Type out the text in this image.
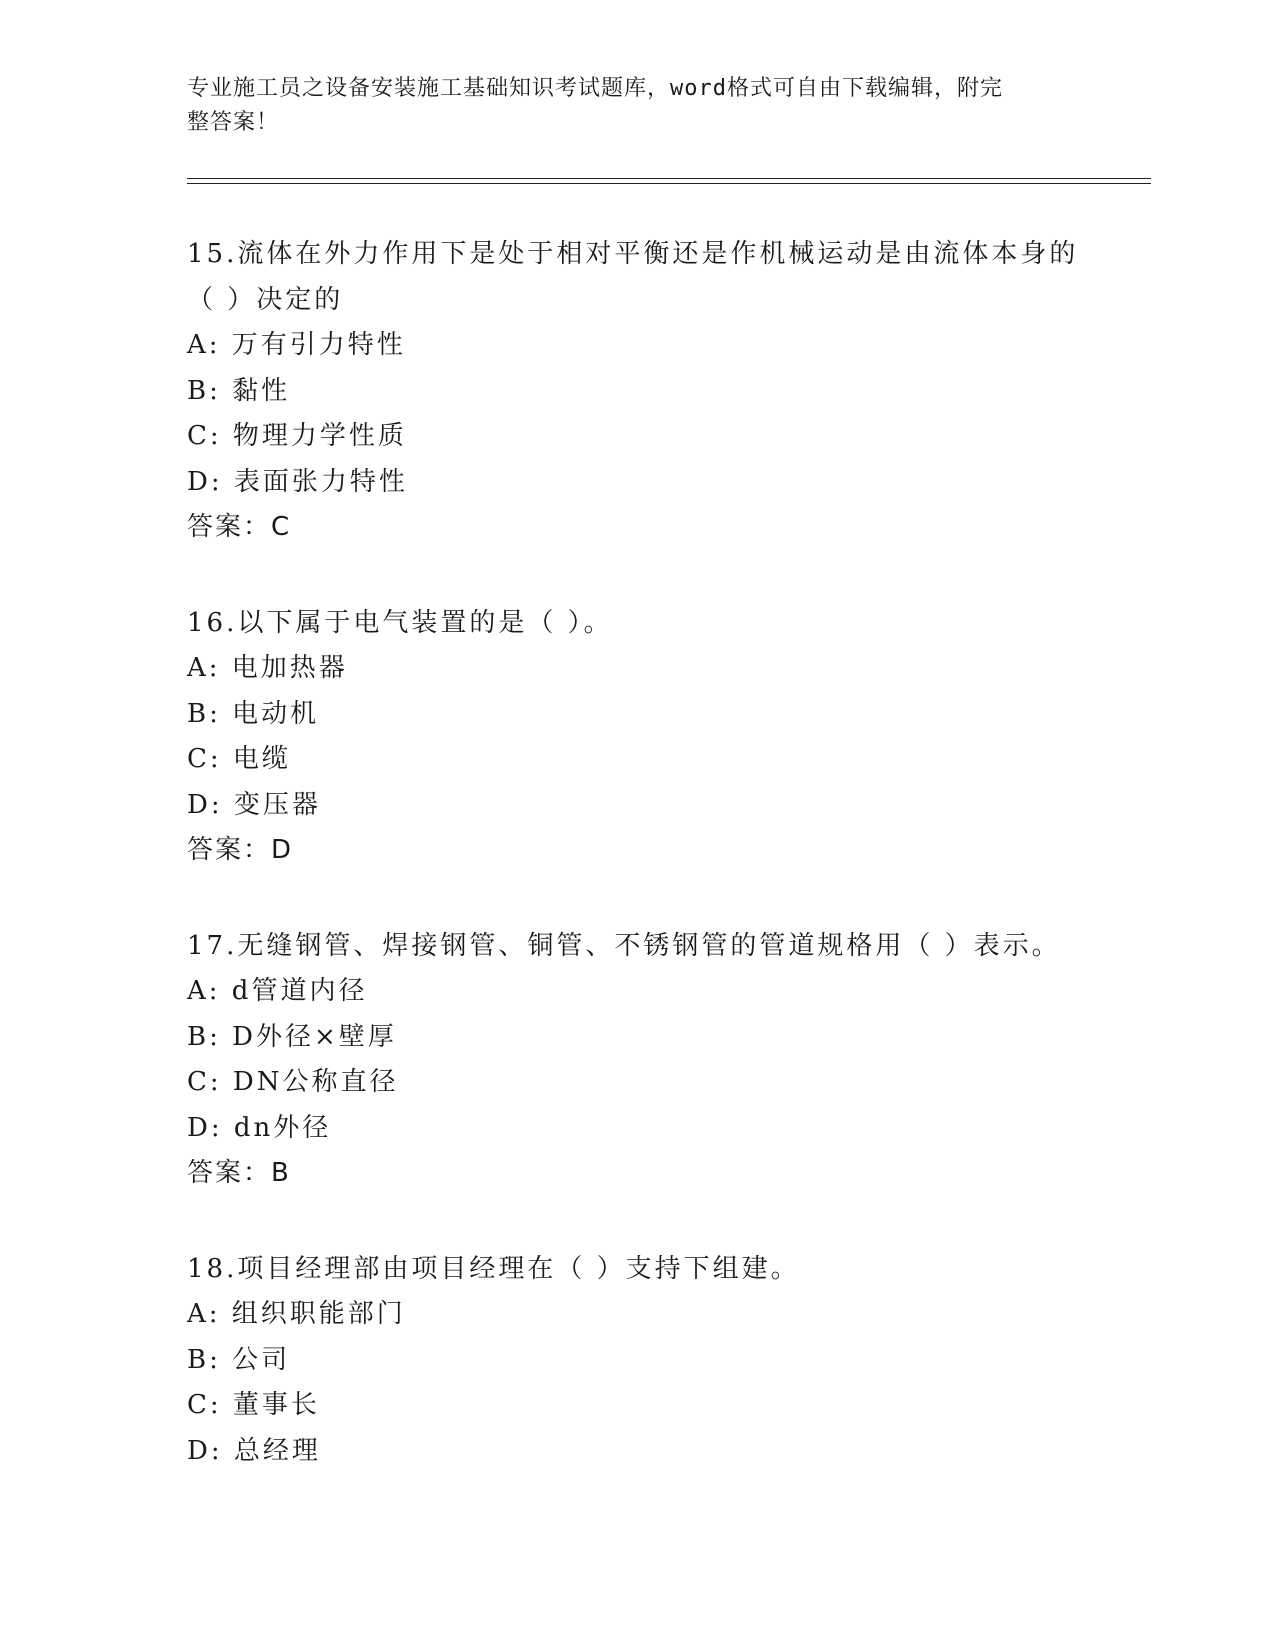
专业施工员之设备安装施工基础知识考试题库，word格式可自由下载编辑，附完
整答案！
15.流体在外力作用下是处于相对平衡还是作机械运动是由流体本身的
（ ）决定的
A: 万有引力特性
B: 黏性
C: 物理力学性质
D: 表面张力特性
答案：C
16.以下属于电气装置的是（ ）。
A: 电加热器
B: 电动机
C: 电缆
D: 变压器
答案：D
17.无缝钢管、焊接钢管、铜管、不锈钢管的管道规格用（ ）表示。
A: d管道内径
B: D外径×壁厚
C: DN公称直径
D: dn外径
答案：B
18.项目经理部由项目经理在（ ）支持下组建。
A: 组织职能部门
B: 公司
C: 董事长
D: 总经理
